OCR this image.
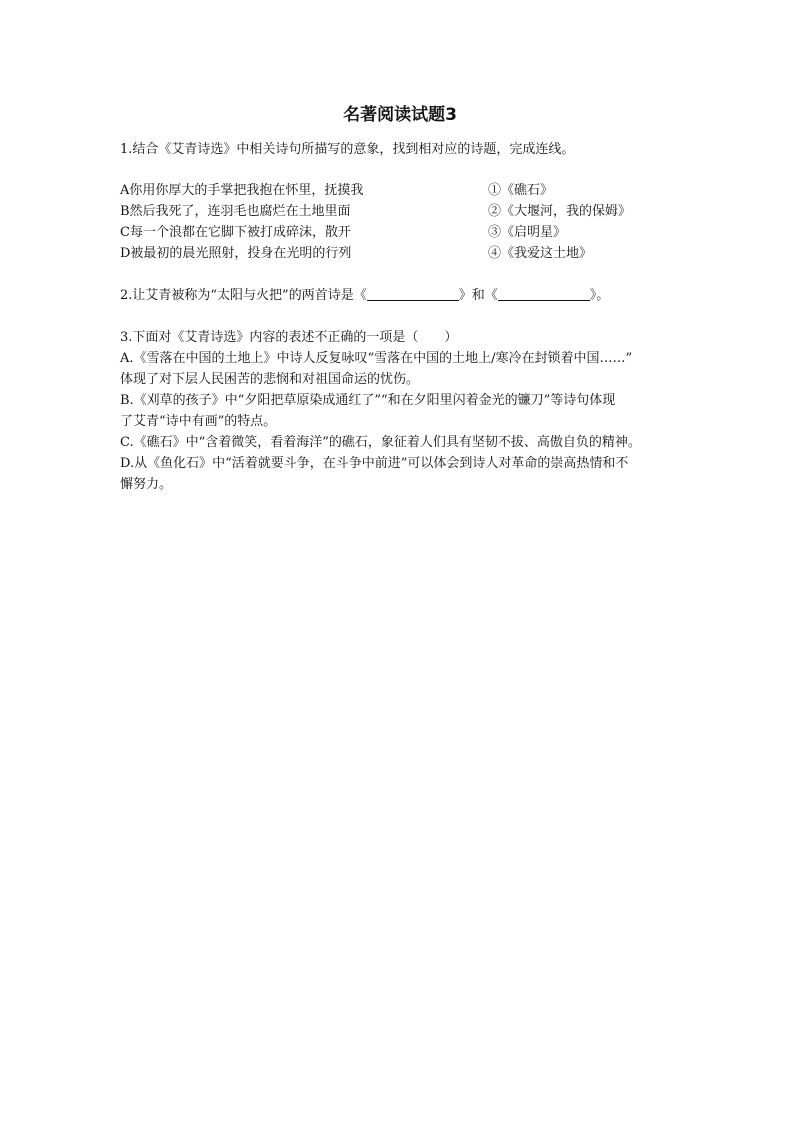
名著阅读试题3
1.结合《艾青诗选》中相关诗句所描写的意象，找到相对应的诗题，完成连线。
A你用你厚大的手掌把我抱在怀里，抚摸我
B然后我死了，连羽毛也腐烂在土地里面
C每一个浪都在它脚下被打成碎沫，散开
D被最初的晨光照射，投身在光明的行列
①《礁石》
②《大堰河，我的保姆》
③《启明星》
④《我爱这土地》
2.让艾青被称为“太阳与火把”的两首诗是《	》和《	》。
3.下面对《艾青诗选》内容的表述不正确的一项是（　　）
A.《雪落在中国的土地上》中诗人反复咏叹“雪落在中国的土地上/寒冷在封锁着中国……”
体现了对下层人民困苦的悲悯和对祖国命运的忧伤。
B.《刈草的孩子》中“夕阳把草原染成通红了”“和在夕阳里闪着金光的镰刀”等诗句体现
了艾青“诗中有画”的特点。
C.《礁石》中“含着微笑，看着海洋”的礁石，象征着人们具有坚韧不拔、高傲自负的精神。
D.从《鱼化石》中“活着就要斗争，在斗争中前进”可以体会到诗人对革命的崇高热情和不
懈努力。
